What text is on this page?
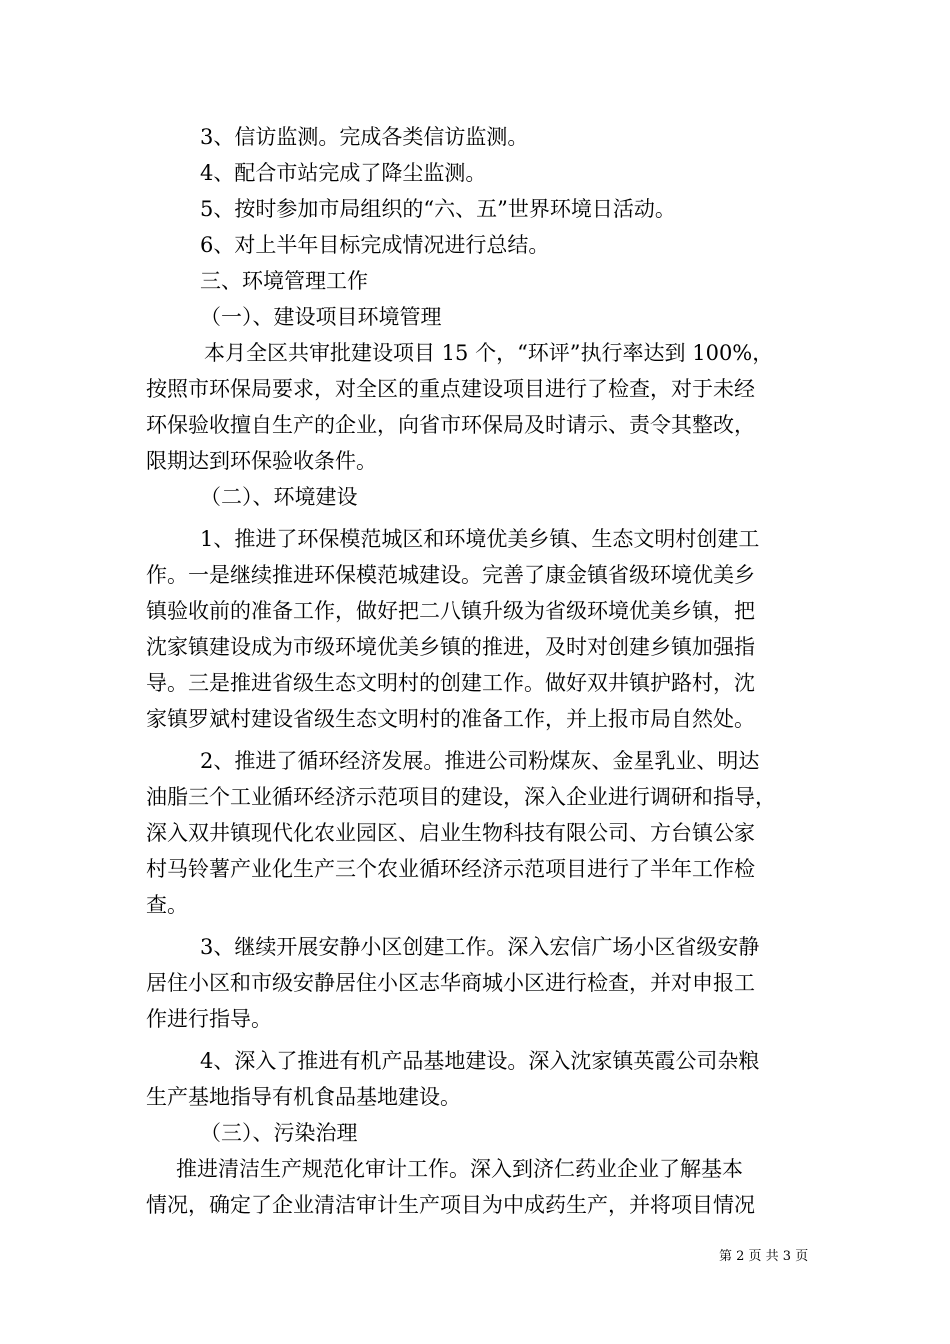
3、信访监测。完成各类信访监测。

4、配合市站完成了降尘监测。

5、按时参加市局组织的“六、五”世界环境日活动。

6、对上半年目标完成情况进行总结。

三、环境管理工作

（一）、建设项目环境管理

本月全区共审批建设项目 15 个，“环评”执行率达到 100%，

按照市环保局要求，对全区的重点建设项目进行了检查，对于未经

环保验收擅自生产的企业，向省市环保局及时请示、责令其整改，

限期达到环保验收条件。

（二）、环境建设

1、推进了环保模范城区和环境优美乡镇、生态文明村创建工

作。一是继续推进环保模范城建设。完善了康金镇省级环境优美乡

镇验收前的准备工作，做好把二八镇升级为省级环境优美乡镇，把

沈家镇建设成为市级环境优美乡镇的推进，及时对创建乡镇加强指

导。三是推进省级生态文明村的创建工作。做好双井镇护路村，沈

家镇罗斌村建设省级生态文明村的准备工作，并上报市局自然处。

2、推进了循环经济发展。推进公司粉煤灰、金星乳业、明达

油脂三个工业循环经济示范项目的建设，深入企业进行调研和指导，

深入双井镇现代化农业园区、启业生物科技有限公司、方台镇公家

村马铃薯产业化生产三个农业循环经济示范项目进行了半年工作检

查。

3、继续开展安静小区创建工作。深入宏信广场小区省级安静

居住小区和市级安静居住小区志华商城小区进行检查，并对申报工

作进行指导。

4、深入了推进有机产品基地建设。深入沈家镇英霞公司杂粮

生产基地指导有机食品基地建设。

（三）、污染治理

推进清洁生产规范化审计工作。深入到济仁药业企业了解基本

情况，确定了企业清洁审计生产项目为中成药生产，并将项目情况

第 2 页 共 3 页
